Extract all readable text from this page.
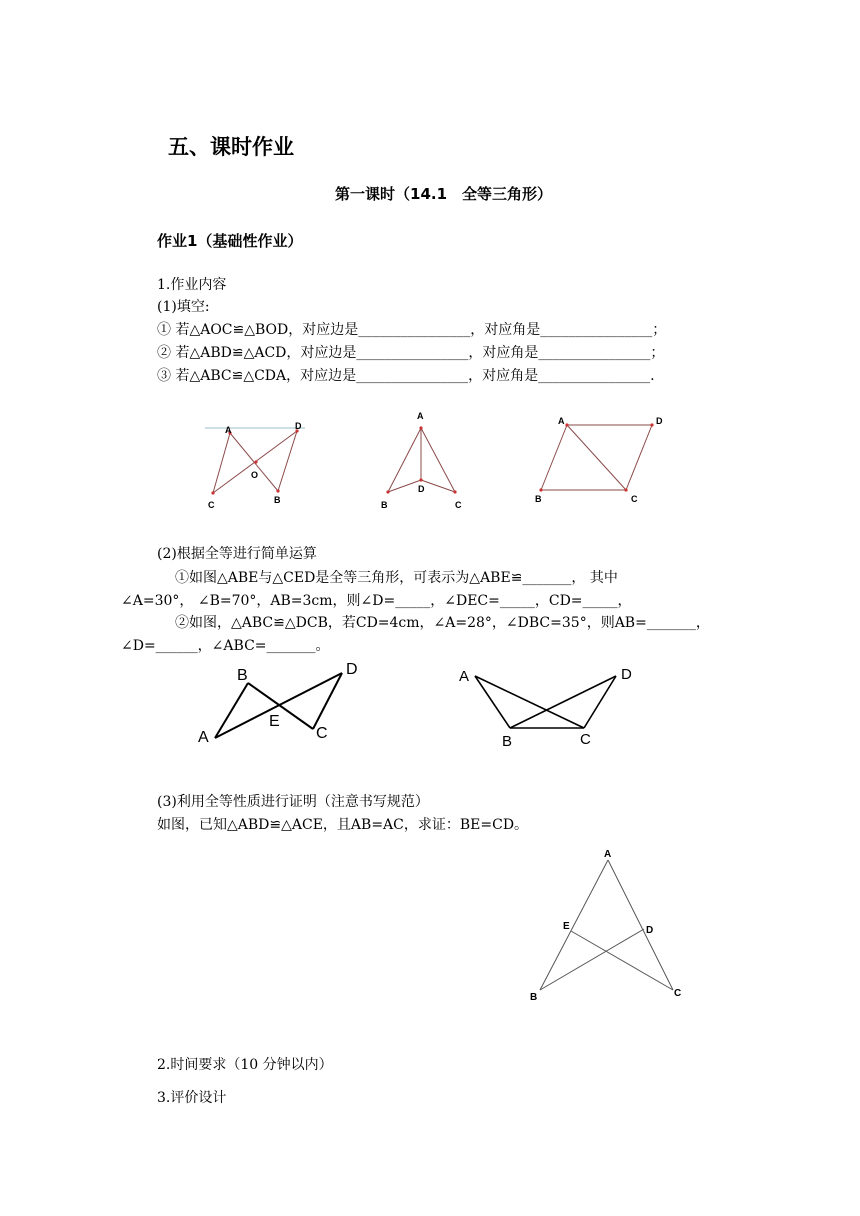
五、课时作业
第一课时（14.1　全等三角形）
作业1（基础性作业）
1.作业内容
(1)填空:
① 若△AOC≌△BOD，对应边是________________，对应角是________________；
② 若△ABD≌△ACD，对应边是________________，对应角是________________；
③ 若△ABC≌△CDA，对应边是________________，对应角是________________.
A	D
O
C	B
A
D
B	C
A	D
B	C
(2)根据全等进行简单运算
①如图△ABE与△CED是全等三角形，可表示为△ABE≌_______， 其中
∠A=30°， ∠B=70°，AB=3cm，则∠D=_____，∠DEC=_____，CD=_____，
②如图，△ABC≌△DCB，若CD=4cm，∠A=28°，∠DBC=35°，则AB=_______，
∠D=______，∠ABC=_______。
B	D
E
A	C
A	D
B	C
(3)利用全等性质进行证明（注意书写规范）
如图，已知△ABD≌△ACE，且AB=AC，求证：BE=CD。
A
E	D
B	C
2.时间要求（10 分钟以内）
3.评价设计
